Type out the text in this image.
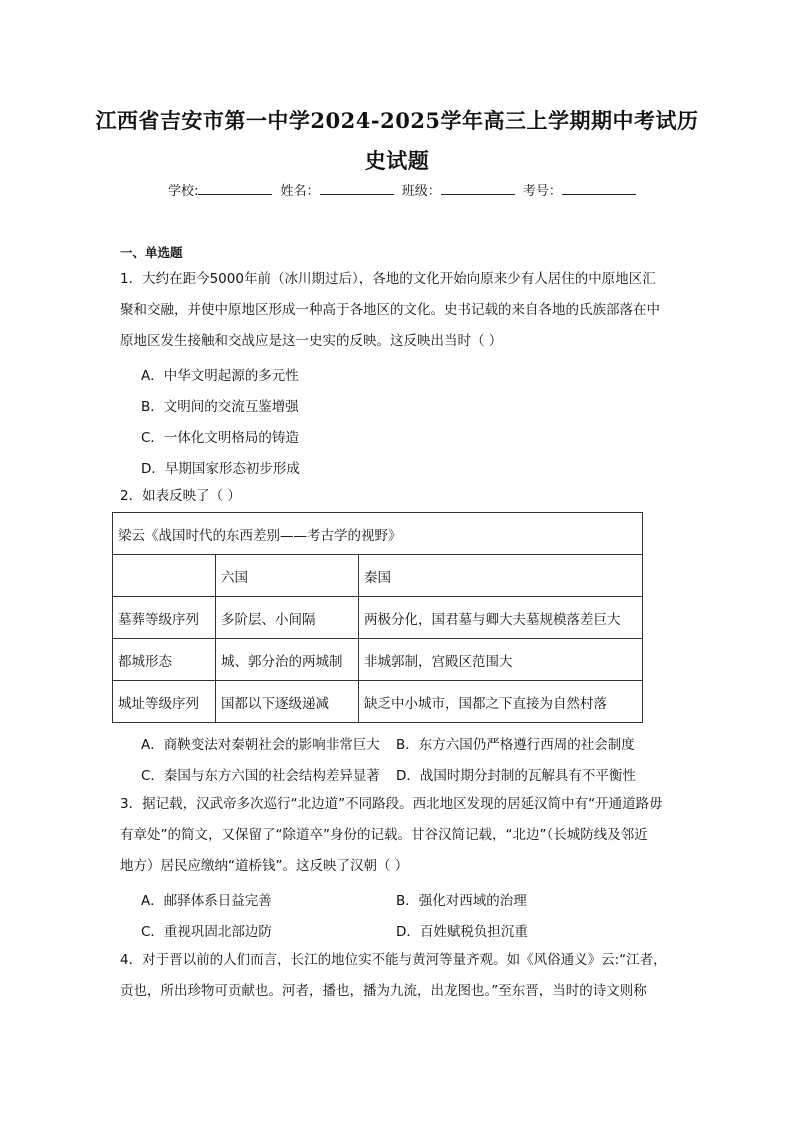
江西省吉安市第一中学2024-2025学年高三上学期期中考试历
史试题
学校:	姓名：	班级：	考号：
一、单选题
1．大约在距今5000年前（冰川期过后），各地的文化开始向原来少有人居住的中原地区汇
聚和交融，并使中原地区形成一种高于各地区的文化。史书记载的来自各地的氏族部落在中
原地区发生接触和交战应是这一史实的反映。这反映出当时（ ）
A．中华文明起源的多元性
B．文明间的交流互鉴增强
C．一体化文明格局的铸造
D．早期国家形态初步形成
2．如表反映了（ ）
梁云《战国时代的东西差别——考古学的视野》		
	六国	秦国
墓葬等级序列	多阶层、小间隔	两极分化，国君墓与卿大夫墓规模落差巨大
都城形态	城、郭分治的两城制	非城郭制，宫殿区范围大
城址等级序列	国都以下逐级递减	缺乏中小城市，国都之下直接为自然村落
A．商鞅变法对秦朝社会的影响非常巨大 B．东方六国仍严格遵行西周的社会制度
C．秦国与东方六国的社会结构差异显著 D．战国时期分封制的瓦解具有不平衡性
3．据记载，汉武帝多次巡行“北边道”不同路段。西北地区发现的居延汉简中有“开通道路毋
有章处”的简文，又保留了“除道卒”身份的记载。甘谷汉简记载，“北边”（长城防线及邻近
地方）居民应缴纳“道桥钱”。这反映了汉朝（ ）
A．邮驿体系日益完善	B．强化对西域的治理
C．重视巩固北部边防	D．百姓赋税负担沉重
4．对于晋以前的人们而言，长江的地位实不能与黄河等量齐观。如《风俗通义》云:“江者，
贡也，所出珍物可贡献也。河者，播也，播为九流，出龙图也。”至东晋，当时的诗文则称
